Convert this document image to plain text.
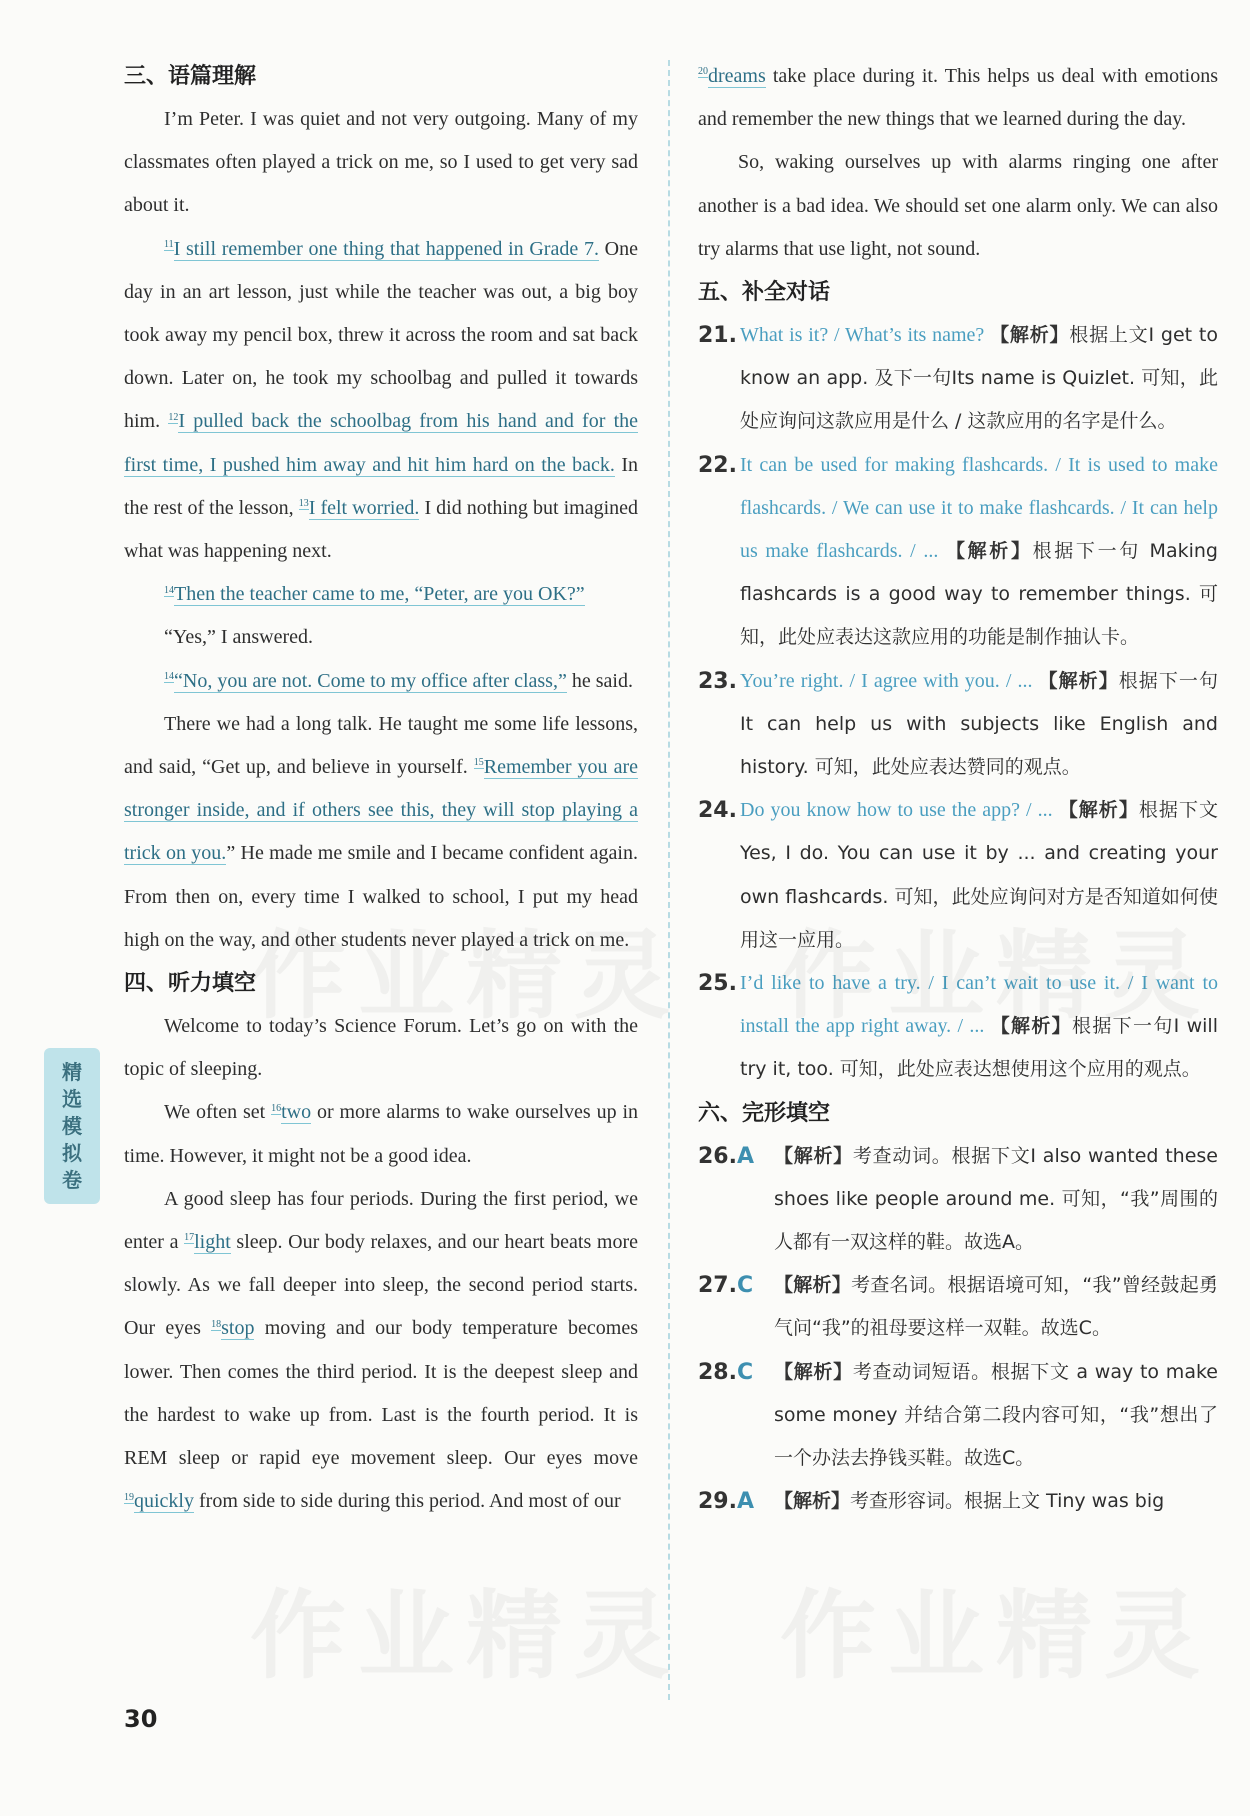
三、语篇理解

I’m Peter. I was quiet and not very outgoing. Many of my classmates often played a trick on me, so I used to get very sad about it.

$^{11}$I still remember one thing that happened in Grade 7. One day in an art lesson, just while the teacher was out, a big boy took away my pencil box, threw it across the room and sat back down. Later on, he took my schoolbag and pulled it towards him. $^{12}$I pulled back the schoolbag from his hand and for the first time, I pushed him away and hit him hard on the back. In the rest of the lesson, $^{13}$I felt worried. I did nothing but imagined what was happening next.

$^{14}$Then the teacher came to me, “Peter, are you OK?”

“Yes,” I answered.

$^{14}$“No, you are not. Come to my office after class,” he said.

There we had a long talk. He taught me some life lessons, and said, “Get up, and believe in yourself. $^{15}$Remember you are stronger inside, and if others see this, they will stop playing a trick on you.” He made me smile and I became confident again. From then on, every time I walked to school, I put my head high on the way, and other students never played a trick on me.

四、听力填空

Welcome to today’s Science Forum. Let’s go on with the topic of sleeping.

We often set $^{16}$two or more alarms to wake ourselves up in time. However, it might not be a good idea.

A good sleep has four periods. During the first period, we enter a $^{17}$light sleep. Our body relaxes, and our heart beats more slowly. As we fall deeper into sleep, the second period starts. Our eyes $^{18}$stop moving and our body temperature becomes lower. Then comes the third period. It is the deepest sleep and the hardest to wake up from. Last is the fourth period. It is REM sleep or rapid eye movement sleep. Our eyes move $^{19}$quickly from side to side during this period. And most of our

$^{20}$dreams take place during it. This helps us deal with emotions and remember the new things that we learned during the day.

So, waking ourselves up with alarms ringing one after another is a bad idea. We should set one alarm only. We can also try alarms that use light, not sound.

五、补全对话
21. What is it? / What’s its name? 【解析】根据上文I get to know an app. 及下一句Its name is Quizlet. 可知，此处应询问这款应用是什么 / 这款应用的名字是什么。

22. It can be used for making flashcards. / It is used to make flashcards. / We can use it to make flashcards. / It can help us make flashcards. / ... 【解析】根据下一句 Making flashcards is a good way to remember things. 可知，此处应表达这款应用的功能是制作抽认卡。

23. You’re right. / I agree with you. / ... 【解析】根据下一句 It can help us with subjects like English and history. 可知，此处应表达赞同的观点。

24. Do you know how to use the app? / ... 【解析】根据下文 Yes, I do. You can use it by ... and creating your own flashcards. 可知，此处应询问对方是否知道如何使用这一应用。

25. I’d like to have a try. / I can’t wait to use it. / I want to install the app right away. / ... 【解析】根据下一句I will try it, too. 可知，此处应表达想使用这个应用的观点。

六、完形填空
26.A	【解析】考查动词。根据下文I also wanted these shoes like people around me. 可知，“我”周围的人都有一双这样的鞋。故选A。

27.C	【解析】考查名词。根据语境可知，“我”曾经鼓起勇气问“我”的祖母要这样一双鞋。故选C。

28.C	【解析】考查动词短语。根据下文 a way to make some money 并结合第二段内容可知，“我”想出了一个办法去挣钱买鞋。故选C。

29.A	【解析】考查形容词。根据上文 Tiny was big

精
选
模
拟
卷
30
